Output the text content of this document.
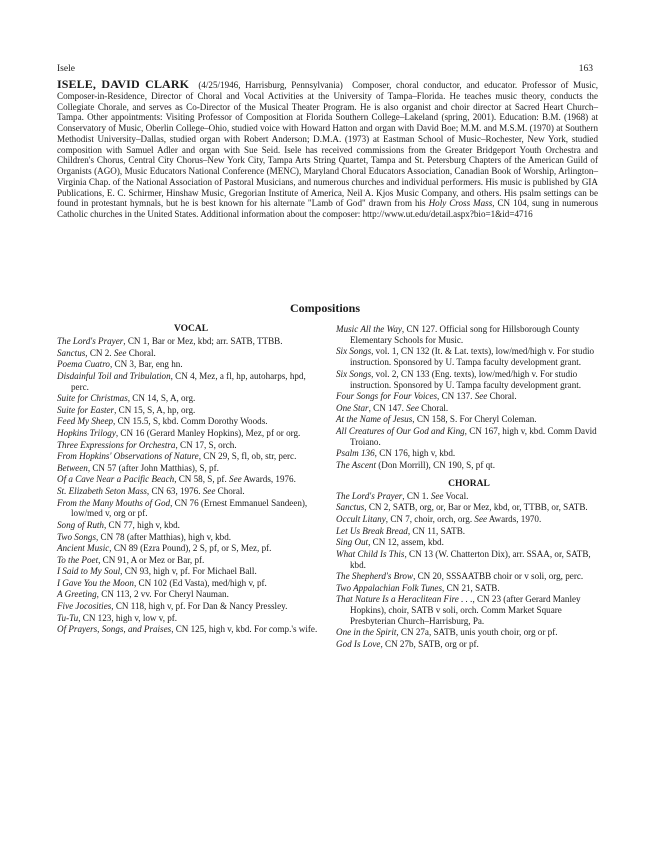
Isele	163

ISELE, DAVID CLARK (4/25/1946, Harrisburg, Pennsylvania) Composer, choral conductor, and educator. Professor of Music, Composer-in-Residence, Director of Choral and Vocal Activities at the University of Tampa–Florida. He teaches music theory, conducts the Collegiate Chorale, and serves as Co-Director of the Musical Theater Program. He is also organist and choir director at Sacred Heart Church–Tampa. Other appointments: Visiting Professor of Composition at Florida Southern College–Lakeland (spring, 2001). Education: B.M. (1968) at Conservatory of Music, Oberlin College–Ohio, studied voice with Howard Hatton and organ with David Boe; M.M. and M.S.M. (1970) at Southern Methodist University–Dallas, studied organ with Robert Anderson; D.M.A. (1973) at Eastman School of Music–Rochester, New York, studied composition with Samuel Adler and organ with Sue Seid. Isele has received commissions from the Greater Bridgeport Youth Orchestra and Children's Chorus, Central City Chorus–New York City, Tampa Arts String Quartet, Tampa and St. Petersburg Chapters of the American Guild of Organists (AGO), Music Educators National Conference (MENC), Maryland Choral Educators Association, Canadian Book of Worship, Arlington–Virginia Chap. of the National Association of Pastoral Musicians, and numerous churches and individual performers. His music is published by GIA Publications, E. C. Schirmer, Hinshaw Music, Gregorian Institute of America, Neil A. Kjos Music Company, and others. His psalm settings can be found in protestant hymnals, but he is best known for his alternate "Lamb of God" drawn from his Holy Cross Mass, CN 104, sung in numerous Catholic churches in the United States. Additional information about the composer: http://www.ut.edu/detail.aspx?bio=1&id=4716

Compositions
VOCAL
The Lord's Prayer, CN 1, Bar or Mez, kbd; arr. SATB, TTBB.
Sanctus, CN 2. See Choral.
Poema Cuatro, CN 3, Bar, eng hn.
Disdainful Toil and Tribulation, CN 4, Mez, a fl, hp, autoharps, hpd, perc.
Suite for Christmas, CN 14, S, A, org.
Suite for Easter, CN 15, S, A, hp, org.
Feed My Sheep, CN 15.5, S, kbd. Comm Dorothy Woods.
Hopkins Trilogy, CN 16 (Gerard Manley Hopkins), Mez, pf or org.
Three Expressions for Orchestra, CN 17, S, orch.
From Hopkins' Observations of Nature, CN 29, S, fl, ob, str, perc.
Between, CN 57 (after John Matthias), S, pf.
Of a Cave Near a Pacific Beach, CN 58, S, pf. See Awards, 1976.
St. Elizabeth Seton Mass, CN 63, 1976. See Choral.
From the Many Mouths of God, CN 76 (Ernest Emmanuel Sandeen), low/med v, org or pf.
Song of Ruth, CN 77, high v, kbd.
Two Songs, CN 78 (after Matthias), high v, kbd.
Ancient Music, CN 89 (Ezra Pound), 2 S, pf, or S, Mez, pf.
To the Poet, CN 91, A or Mez or Bar, pf.
I Said to My Soul, CN 93, high v, pf. For Michael Ball.
I Gave You the Moon, CN 102 (Ed Vasta), med/high v, pf.
A Greeting, CN 113, 2 vv. For Cheryl Nauman.
Five Jocosities, CN 118, high v, pf. For Dan & Nancy Pressley.
Tu-Tu, CN 123, high v, low v, pf.
Of Prayers, Songs, and Praises, CN 125, high v, kbd. For comp.'s wife.
Music All the Way, CN 127. Official song for Hillsborough County Elementary Schools for Music.
Six Songs, vol. 1, CN 132 (It. & Lat. texts), low/med/high v. For studio instruction. Sponsored by U. Tampa faculty development grant.
Six Songs, vol. 2, CN 133 (Eng. texts), low/med/high v. For studio instruction. Sponsored by U. Tampa faculty development grant.
Four Songs for Four Voices, CN 137. See Choral.
One Star, CN 147. See Choral.
At the Name of Jesus, CN 158, S. For Cheryl Coleman.
All Creatures of Our God and King, CN 167, high v, kbd. Comm David Troiano.
Psalm 136, CN 176, high v, kbd.
The Ascent (Don Morrill), CN 190, S, pf qt.
CHORAL
The Lord's Prayer, CN 1. See Vocal.
Sanctus, CN 2, SATB, org, or, Bar or Mez, kbd, or, TTBB, or, SATB.
Occult Litany, CN 7, choir, orch, org. See Awards, 1970.
Let Us Break Bread, CN 11, SATB.
Sing Out, CN 12, assem, kbd.
What Child Is This, CN 13 (W. Chatterton Dix), arr. SSAA, or, SATB, kbd.
The Shepherd's Brow, CN 20, SSSAATBB choir or v soli, org, perc.
Two Appalachian Folk Tunes, CN 21, SATB.
That Nature Is a Heraclitean Fire . . ., CN 23 (after Gerard Manley Hopkins), choir, SATB v soli, orch. Comm Market Square Presbyterian Church–Harrisburg, Pa.
One in the Spirit, CN 27a, SATB, unis youth choir, org or pf.
God Is Love, CN 27b, SATB, org or pf.
